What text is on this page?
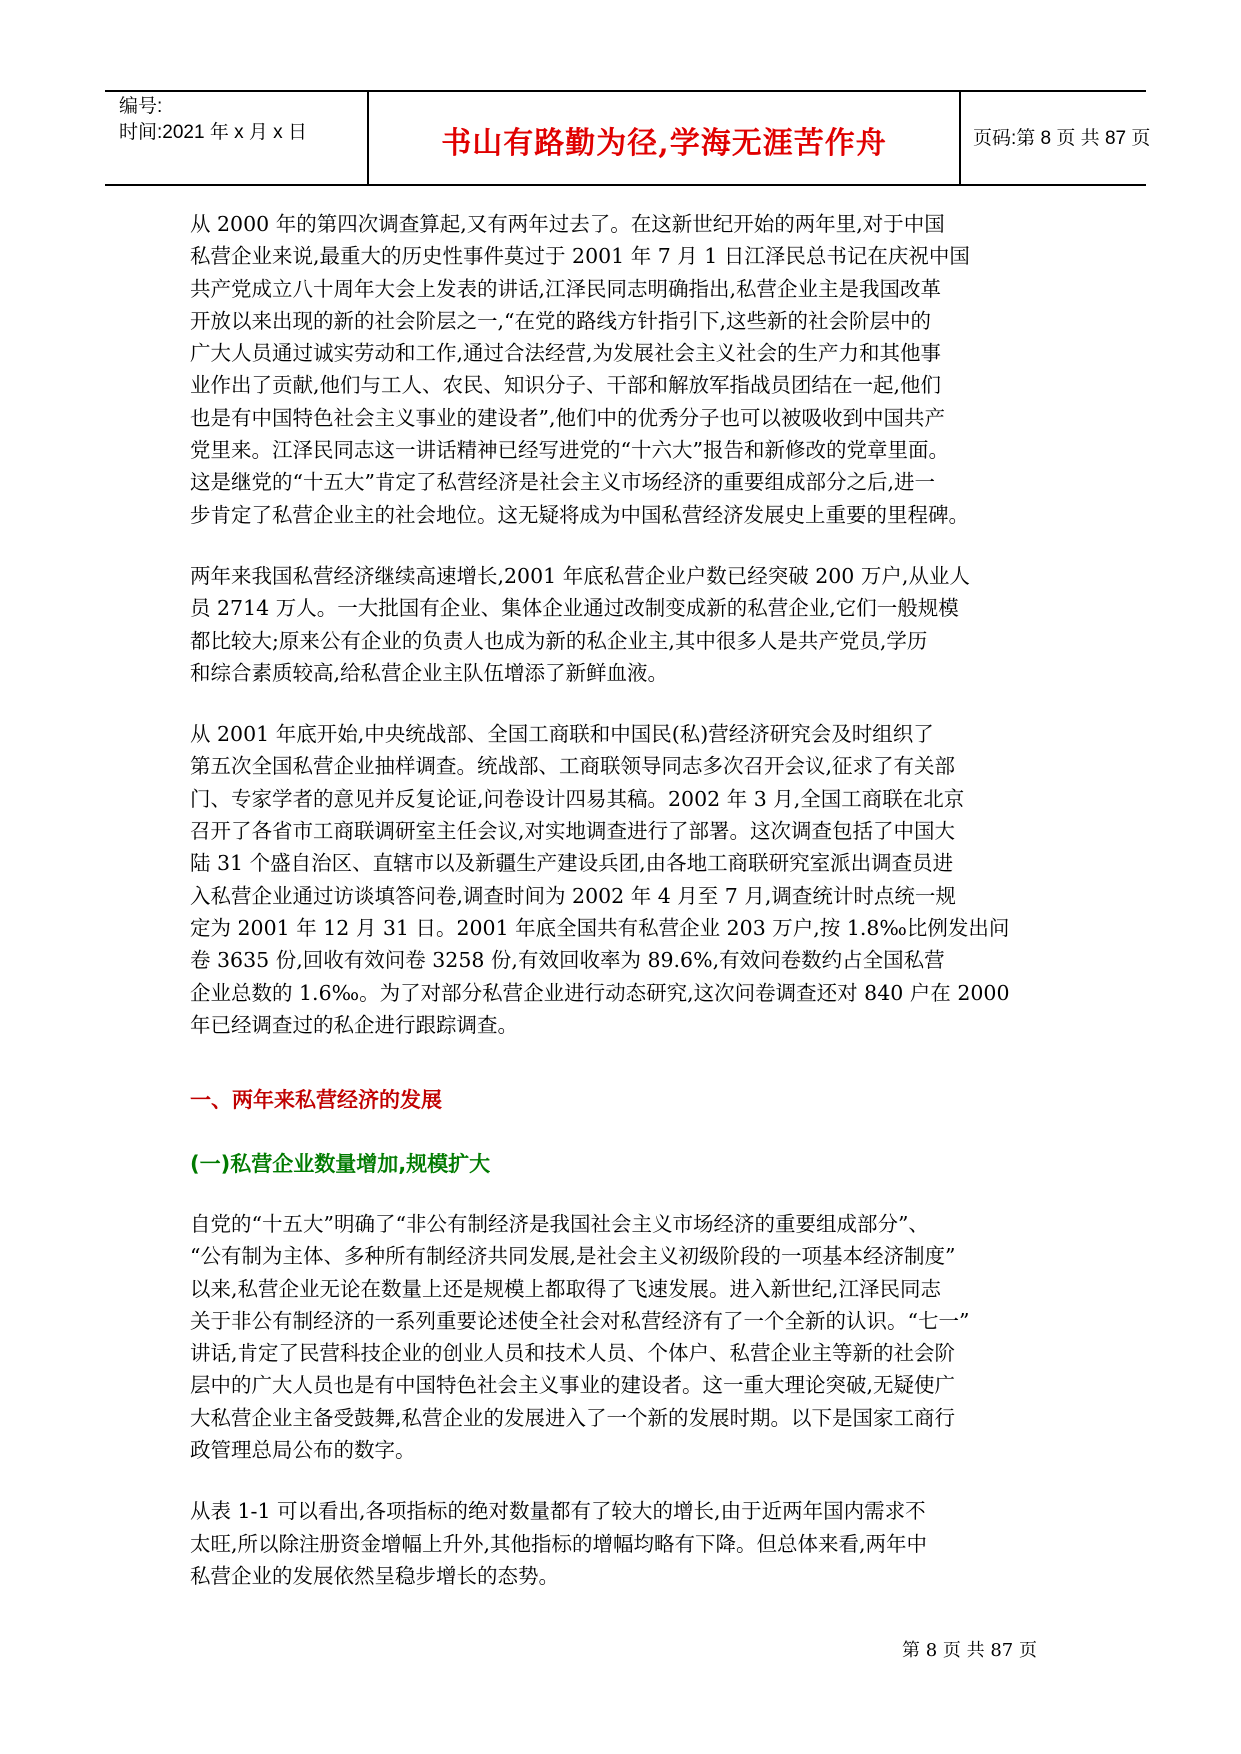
编号:
时间:2021 年 x 月 x 日	书山有路勤为径,学海无涯苦作舟	页码:第 8 页 共 87 页

从 2000 年的第四次调查算起,又有两年过去了。在这新世纪开始的两年里,对于中国
私营企业来说,最重大的历史性事件莫过于 2001 年 7 月 1 日江泽民总书记在庆祝中国
共产党成立八十周年大会上发表的讲话,江泽民同志明确指出,私营企业主是我国改革
开放以来出现的新的社会阶层之一,“在党的路线方针指引下,这些新的社会阶层中的
广大人员通过诚实劳动和工作,通过合法经营,为发展社会主义社会的生产力和其他事
业作出了贡献,他们与工人、农民、知识分子、干部和解放军指战员团结在一起,他们
也是有中国特色社会主义事业的建设者”,他们中的优秀分子也可以被吸收到中国共产
党里来。江泽民同志这一讲话精神已经写进党的“十六大”报告和新修改的党章里面。
这是继党的“十五大”肯定了私营经济是社会主义市场经济的重要组成部分之后,进一
步肯定了私营企业主的社会地位。这无疑将成为中国私营经济发展史上重要的里程碑。

两年来我国私营经济继续高速增长,2001 年底私营企业户数已经突破 200 万户,从业人
员 2714 万人。一大批国有企业、集体企业通过改制变成新的私营企业,它们一般规模
都比较大;原来公有企业的负责人也成为新的私企业主,其中很多人是共产党员,学历
和综合素质较高,给私营企业主队伍增添了新鲜血液。

从 2001 年底开始,中央统战部、全国工商联和中国民(私)营经济研究会及时组织了
第五次全国私营企业抽样调查。统战部、工商联领导同志多次召开会议,征求了有关部
门、专家学者的意见并反复论证,问卷设计四易其稿。2002 年 3 月,全国工商联在北京
召开了各省市工商联调研室主任会议,对实地调查进行了部署。这次调查包括了中国大
陆 31 个盛自治区、直辖市以及新疆生产建设兵团,由各地工商联研究室派出调查员进
入私营企业通过访谈填答问卷,调查时间为 2002 年 4 月至 7 月,调查统计时点统一规
定为 2001 年 12 月 31 日。2001 年底全国共有私营企业 203 万户,按 1.8‰比例发出问
卷 3635 份,回收有效问卷 3258 份,有效回收率为 89.6%,有效问卷数约占全国私营
企业总数的 1.6‰。为了对部分私营企业进行动态研究,这次问卷调查还对 840 户在 2000
年已经调查过的私企进行跟踪调查。

一、两年来私营经济的发展
(一)私营企业数量增加,规模扩大

自党的“十五大”明确了“非公有制经济是我国社会主义市场经济的重要组成部分”、
“公有制为主体、多种所有制经济共同发展,是社会主义初级阶段的一项基本经济制度”
以来,私营企业无论在数量上还是规模上都取得了飞速发展。进入新世纪,江泽民同志
关于非公有制经济的一系列重要论述使全社会对私营经济有了一个全新的认识。“七一”
讲话,肯定了民营科技企业的创业人员和技术人员、个体户、私营企业主等新的社会阶
层中的广大人员也是有中国特色社会主义事业的建设者。这一重大理论突破,无疑使广
大私营企业主备受鼓舞,私营企业的发展进入了一个新的发展时期。以下是国家工商行
政管理总局公布的数字。

从表 1-1 可以看出,各项指标的绝对数量都有了较大的增长,由于近两年国内需求不
太旺,所以除注册资金增幅上升外,其他指标的增幅均略有下降。但总体来看,两年中
私营企业的发展依然呈稳步增长的态势。

第 8 页 共 87 页
